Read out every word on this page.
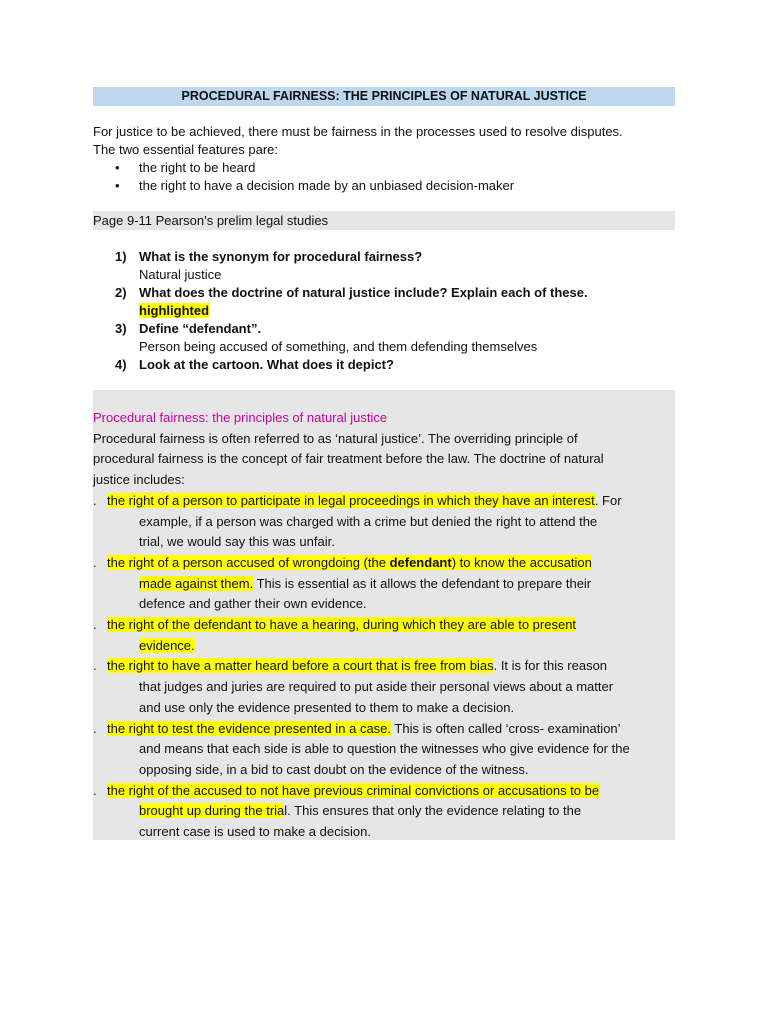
PROCEDURAL FAIRNESS: THE PRINCIPLES OF NATURAL JUSTICE

For justice to be achieved, there must be fairness in the processes used to resolve disputes.

The two essential features pare:

• the right to be heard
• the right to have a decision made by an unbiased decision-maker
Page 9-11 Pearson’s prelim legal studies
1) What is the synonym for procedural fairness?
Natural justice
2) What does the doctrine of natural justice include? Explain each of these.
highlighted
3) Define “defendant”.
Person being accused of something, and them defending themselves
4) Look at the cartoon. What does it depict?
Procedural fairness: the principles of natural justice
Procedural fairness is often referred to as ‘natural justice’. The overriding principle of
procedural fairness is the concept of fair treatment before the law. The doctrine of natural
justice includes:
. the right of a person to participate in legal proceedings in which they have an interest. For
example, if a person was charged with a crime but denied the right to attend the
trial, we would say this was unfair.
. the right of a person accused of wrongdoing (the defendant) to know the accusation
made against them. This is essential as it allows the defendant to prepare their
defence and gather their own evidence.
. the right of the defendant to have a hearing, during which they are able to present
evidence.
. the right to have a matter heard before a court that is free from bias. It is for this reason
that judges and juries are required to put aside their personal views about a matter
and use only the evidence presented to them to make a decision.
. the right to test the evidence presented in a case. This is often called ‘cross- examination’
and means that each side is able to question the witnesses who give evidence for the
opposing side, in a bid to cast doubt on the evidence of the witness.
. the right of the accused to not have previous criminal convictions or accusations to be
brought up during the trial. This ensures that only the evidence relating to the
current case is used to make a decision.
